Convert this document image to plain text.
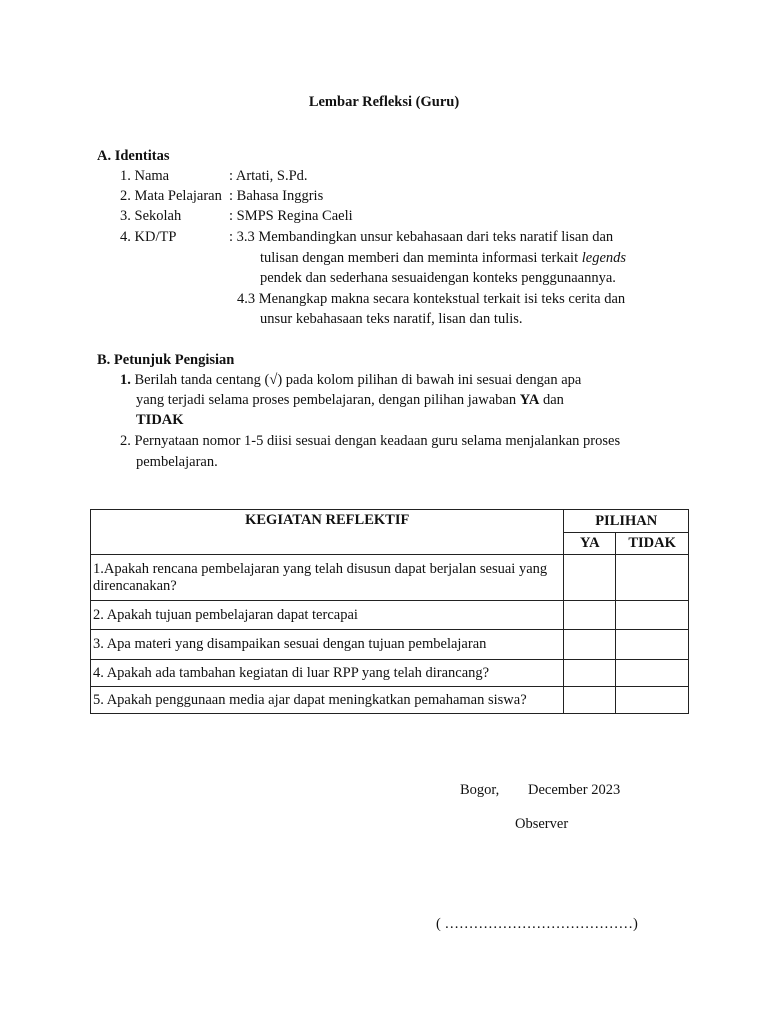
Lembar Refleksi (Guru)
A. Identitas
1. Nama	: Artati, S.Pd.
2. Mata Pelajaran : Bahasa Inggris
3. Sekolah	: SMPS Regina Caeli
4. KD/TP	: 3.3 Membandingkan unsur kebahasaan dari teks naratif lisan dan
tulisan dengan memberi dan meminta informasi terkait legends
pendek dan sederhana sesuaidengan konteks penggunaannya.
4.3 Menangkap makna secara kontekstual terkait isi teks cerita dan
unsur kebahasaan teks naratif, lisan dan tulis.
B. Petunjuk Pengisian
1. Berilah tanda centang (√) pada kolom pilihan di bawah ini sesuai dengan apa
yang terjadi selama proses pembelajaran, dengan pilihan jawaban YA dan
TIDAK
2. Pernyataan nomor 1-5 diisi sesuai dengan keadaan guru selama menjalankan proses
pembelajaran.
KEGIATAN REFLEKTIF	PILIHAN	
	YA	TIDAK
1.Apakah rencana pembelajaran yang telah disusun dapat berjalan sesuai yang direncanakan?		
2. Apakah tujuan pembelajaran dapat tercapai		
3. Apa materi yang disampaikan sesuai dengan tujuan pembelajaran		
4. Apakah ada tambahan kegiatan di luar RPP yang telah dirancang?		
5. Apakah penggunaan media ajar dapat meningkatkan pemahaman siswa?		
Bogor, December 2023
Observer
( …………………………………)
